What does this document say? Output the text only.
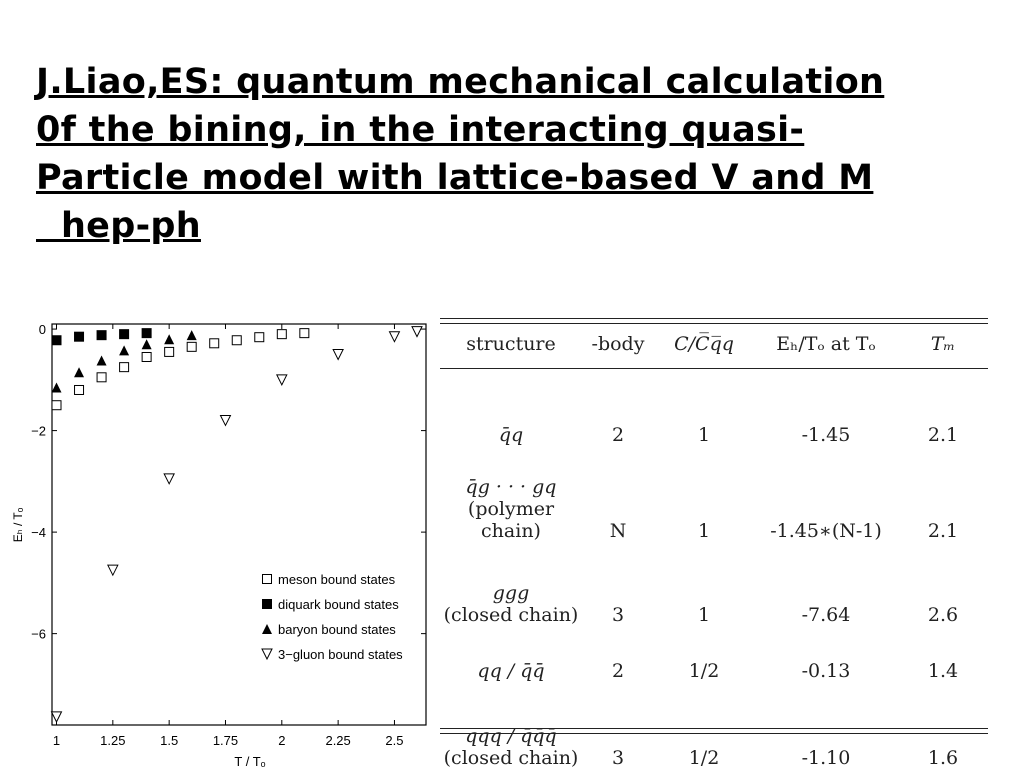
J.Liao,ES: quantum mechanical calculation
0f the bining, in the interacting quasi-
Particle model with lattice-based V and M
hep-ph
1	1.25	1.5	1.75	2	2.25	2.5
0
−2
−4
−6
T / Tₒ
Eₕ / Tₒ
meson bound states
diquark bound states
baryon bound states
3−gluon bound states
structure	-body	C/C̅q̅q	Eₕ/Tₒ at Tₒ	Tₘ

q̄q	2	1	-1.45	2.1

q̄g · · · gq
(polymer chain)	N	1	-1.45∗(N-1)	2.1

ggg
(closed chain)	3	1	-7.64	2.6

qq / q̄q̄	2	1/2	-0.13	1.4

qqq / q̄q̄q̄
(closed chain)	3	1/2	-1.10	1.6
